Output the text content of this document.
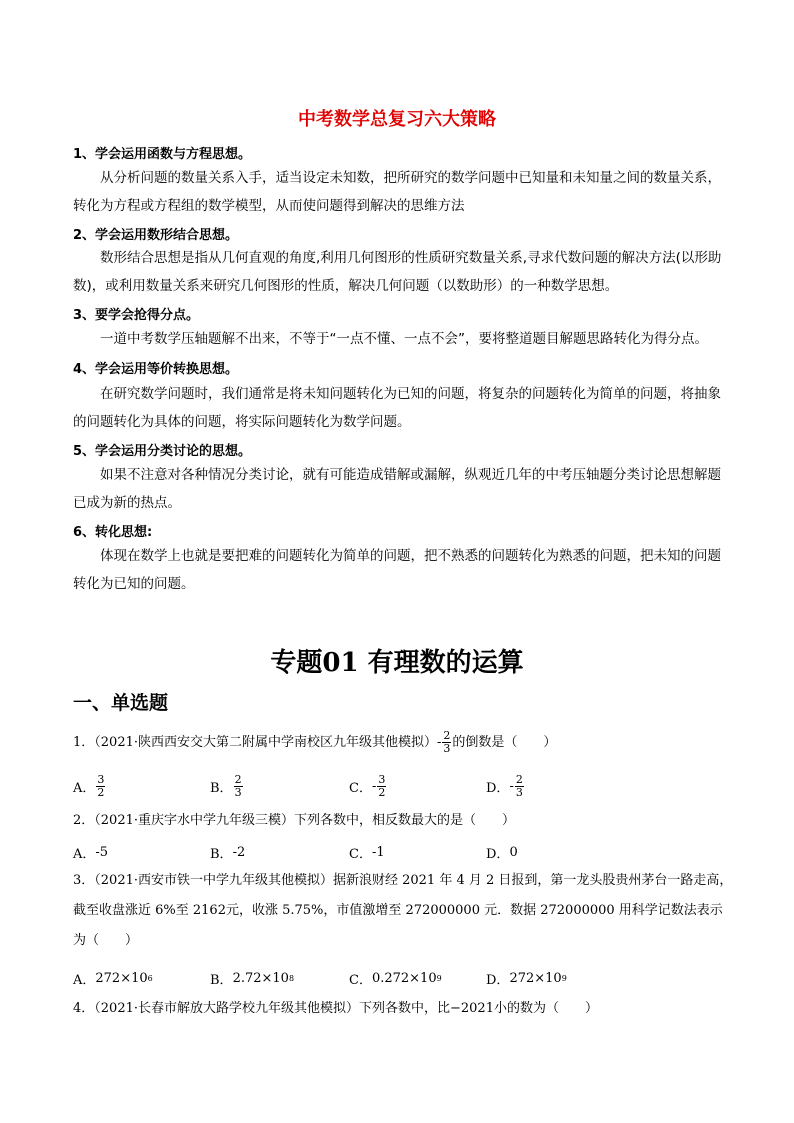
中考数学总复习六大策略
1、学会运用函数与方程思想。
从分析问题的数量关系入手，适当设定未知数，把所研究的数学问题中已知量和未知量之间的数量关系，转化为方程或方程组的数学模型，从而使问题得到解决的思维方法
2、学会运用数形结合思想。
数形结合思想是指从几何直观的角度,利用几何图形的性质研究数量关系,寻求代数问题的解决方法(以形助数)，或利用数量关系来研究几何图形的性质，解决几何问题（以数助形）的一种数学思想。
3、要学会抢得分点。
一道中考数学压轴题解不出来，不等于“一点不懂、一点不会”，要将整道题目解题思路转化为得分点。
4、学会运用等价转换思想。
在研究数学问题时，我们通常是将未知问题转化为已知的问题，将复杂的问题转化为简单的问题，将抽象的问题转化为具体的问题，将实际问题转化为数学问题。
5、学会运用分类讨论的思想。
如果不注意对各种情况分类讨论，就有可能造成错解或漏解，纵观近几年的中考压轴题分类讨论思想解题已成为新的热点。
6、转化思想:
体现在数学上也就是要把难的问题转化为简单的问题，把不熟悉的问题转化为熟悉的问题，把未知的问题转化为已知的问题。
专题01 有理数的运算
一、单选题
1．（2021·陕西西安交大第二附属中学南校区九年级其他模拟）- $\frac{2}{3}$ 的倒数是（　　）
A． $\frac{3}{2}$	B． $\frac{2}{3}$	C． - $\frac{3}{2}$	D． - $\frac{2}{3}$
2．（2021·重庆字水中学九年级三模）下列各数中，相反数最大的是（　　）
A． -5	B． -2	C． -1	D． 0
3．（2021·西安市铁一中学九年级其他模拟）据新浪财经 2021 年 4 月 2 日报到，第一龙头股贵州茅台一路走高，截至收盘涨近 6%至 2162元，收涨 5.75%，市值激增至 272000000 元．数据 272000000 用科学记数法表示为（　　）
A． 272×10 6	B． 2.72×10 8	C． 0.272×10 9	D． 272×10 9
4．（2021·长春市解放大路学校九年级其他模拟）下列各数中，比−2021小的数为（　　）
